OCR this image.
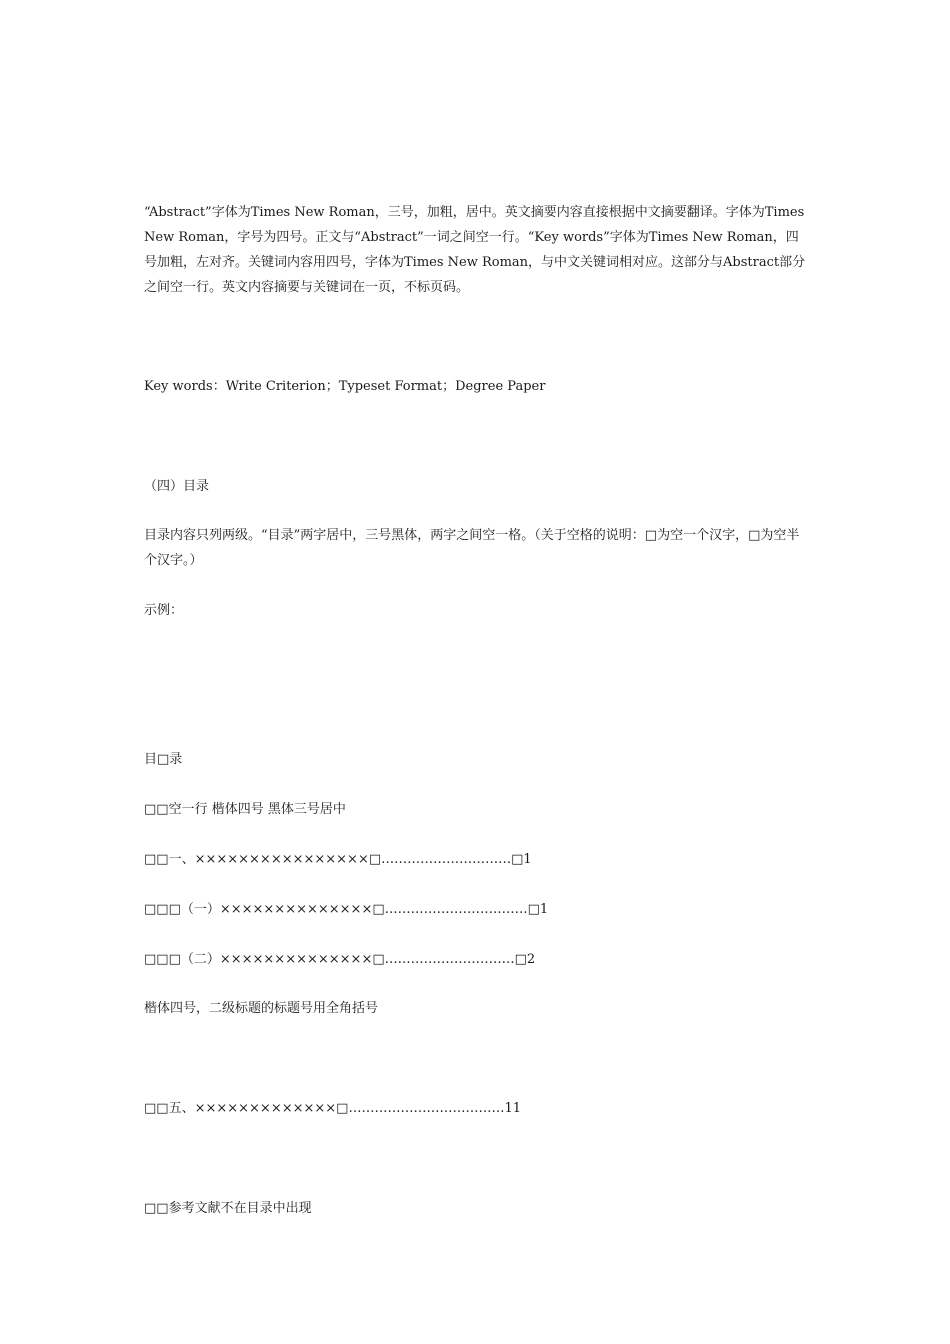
“Abstract”字体为Times New Roman，三号，加粗，居中。英文摘要内容直接根据中文摘要翻译。字体为Times New Roman，字号为四号。正文与“Abstract”一词之间空一行。“Key words”字体为Times New Roman，四号加粗，左对齐。关键词内容用四号，字体为Times New Roman，与中文关键词相对应。这部分与Abstract部分之间空一行。英文内容摘要与关键词在一页，不标页码。

Key words：Write Criterion；Typeset Format；Degree Paper

（四）目录

目录内容只列两级。“目录”两字居中，三号黑体，两字之间空一格。（关于空格的说明：□为空一个汉字，□为空半个汉字。）

示例：

目□录

□□空一行 楷体四号 黑体三号居中

□□一、××××××××××××××××□…………………………□1

□□□（一）××××××××××××××□……………………………□1

□□□（二）××××××××××××××□…………………………□2

楷体四号，二级标题的标题号用全角括号

□□五、×××××××××××××□………………………………11

□□参考文献不在目录中出现
